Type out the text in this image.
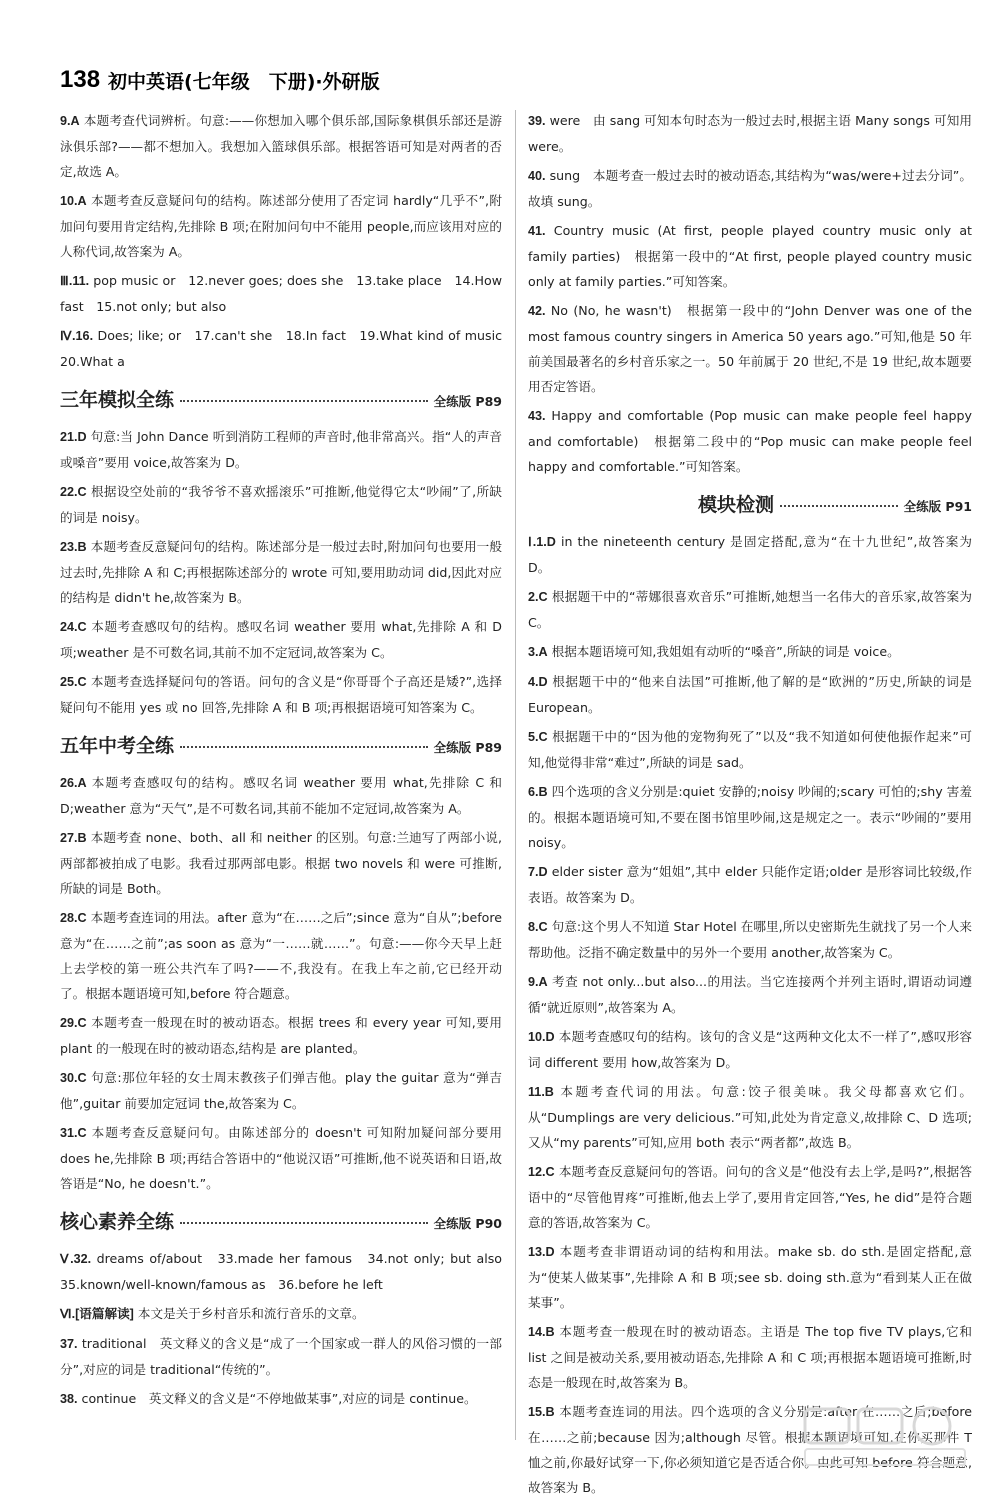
138 初中英语(七年级　下册)·外研版
9.A 本题考查代词辨析。句意:——你想加入哪个俱乐部,国际象棋俱乐部还是游泳俱乐部?——都不想加入。我想加入篮球俱乐部。根据答语可知是对两者的否定,故选 A。
10.A 本题考查反意疑问句的结构。陈述部分使用了否定词 hardly“几乎不”,附加问句要用肯定结构,先排除 B 项;在附加问句中不能用 people,而应该用对应的人称代词,故答案为 A。
Ⅲ.11. pop music or　12.never goes; does she　13.take place　14.How fast　15.not only; but also
Ⅳ.16. Does; like; or　17.can't she　18.In fact　19.What kind of music　20.What a
三年模拟全练	全练版 P89
21.D 句意:当 John Dance 听到消防工程师的声音时,他非常高兴。指“人的声音或嗓音”要用 voice,故答案为 D。
22.C 根据设空处前的“我爷爷不喜欢摇滚乐”可推断,他觉得它太“吵闹”了,所缺的词是 noisy。
23.B 本题考查反意疑问句的结构。陈述部分是一般过去时,附加问句也要用一般过去时,先排除 A 和 C;再根据陈述部分的 wrote 可知,要用助动词 did,因此对应的结构是 didn't he,故答案为 B。
24.C 本题考查感叹句的结构。感叹名词 weather 要用 what,先排除 A 和 D 项;weather 是不可数名词,其前不加不定冠词,故答案为 C。
25.C 本题考查选择疑问句的答语。问句的含义是“你哥哥个子高还是矮?”,选择疑问句不能用 yes 或 no 回答,先排除 A 和 B 项;再根据语境可知答案为 C。
五年中考全练	全练版 P89
26.A 本题考查感叹句的结构。感叹名词 weather 要用 what,先排除 C 和 D;weather 意为“天气”,是不可数名词,其前不能加不定冠词,故答案为 A。
27.B 本题考查 none、both、all 和 neither 的区别。句意:兰迪写了两部小说,两部都被拍成了电影。我看过那两部电影。根据 two novels 和 were 可推断,所缺的词是 Both。
28.C 本题考查连词的用法。after 意为“在……之后”;since 意为“自从”;before 意为“在……之前”;as soon as 意为“一……就……”。句意:——你今天早上赶上去学校的第一班公共汽车了吗?——不,我没有。在我上车之前,它已经开动了。根据本题语境可知,before 符合题意。
29.C 本题考查一般现在时的被动语态。根据 trees 和 every year 可知,要用 plant 的一般现在时的被动语态,结构是 are planted。
30.C 句意:那位年轻的女士周末教孩子们弹吉他。play the guitar 意为“弹吉他”,guitar 前要加定冠词 the,故答案为 C。
31.C 本题考查反意疑问句。由陈述部分的 doesn't 可知附加疑问部分要用 does he,先排除 B 项;再结合答语中的“他说汉语”可推断,他不说英语和日语,故答语是“No, he doesn't.”。
核心素养全练	全练版 P90
Ⅴ.32. dreams of/about　33.made her famous　34.not only; but also　35.known/well-known/famous as　36.before he left
Ⅵ.[语篇解读] 本文是关于乡村音乐和流行音乐的文章。
37. traditional　英文释义的含义是“成了一个国家或一群人的风俗习惯的一部分”,对应的词是 traditional“传统的”。
38. continue　英文释义的含义是“不停地做某事”,对应的词是 continue。
39. were　由 sang 可知本句时态为一般过去时,根据主语 Many songs 可知用 were。
40. sung　本题考查一般过去时的被动语态,其结构为“was/were+过去分词”。故填 sung。
41. Country music (At first, people played country music only at family parties)　根据第一段中的“At first, people played country music only at family parties.”可知答案。
42. No (No, he wasn't)　根据第一段中的“John Denver was one of the most famous country singers in America 50 years ago.”可知,他是 50 年前美国最著名的乡村音乐家之一。50 年前属于 20 世纪,不是 19 世纪,故本题要用否定答语。
43. Happy and comfortable (Pop music can make people feel happy and comfortable)　根据第二段中的“Pop music can make people feel happy and comfortable.”可知答案。
模块检测	全练版 P91
Ⅰ.1.D in the nineteenth century 是固定搭配,意为“在十九世纪”,故答案为 D。
2.C 根据题干中的“蒂娜很喜欢音乐”可推断,她想当一名伟大的音乐家,故答案为 C。
3.A 根据本题语境可知,我姐姐有动听的“嗓音”,所缺的词是 voice。
4.D 根据题干中的“他来自法国”可推断,他了解的是“欧洲的”历史,所缺的词是 European。
5.C 根据题干中的“因为他的宠物狗死了”以及“我不知道如何使他振作起来”可知,他觉得非常“难过”,所缺的词是 sad。
6.B 四个选项的含义分别是:quiet 安静的;noisy 吵闹的;scary 可怕的;shy 害羞的。根据本题语境可知,不要在图书馆里吵闹,这是规定之一。表示“吵闹的”要用 noisy。
7.D elder sister 意为“姐姐”,其中 elder 只能作定语;older 是形容词比较级,作表语。故答案为 D。
8.C 句意:这个男人不知道 Star Hotel 在哪里,所以史密斯先生就找了另一个人来帮助他。泛指不确定数量中的另外一个要用 another,故答案为 C。
9.A 考查 not only...but also...的用法。当它连接两个并列主语时,谓语动词遵循“就近原则”,故答案为 A。
10.D 本题考查感叹句的结构。该句的含义是“这两种文化太不一样了”,感叹形容词 different 要用 how,故答案为 D。
11.B 本题考查代词的用法。句意:饺子很美味。我父母都喜欢它们。从“Dumplings are very delicious.”可知,此处为肯定意义,故排除 C、D 选项;又从“my parents”可知,应用 both 表示“两者都”,故选 B。
12.C 本题考查反意疑问句的答语。问句的含义是“他没有去上学,是吗?”,根据答语中的“尽管他胃疼”可推断,他去上学了,要用肯定回答,“Yes, he did”是符合题意的答语,故答案为 C。
13.D 本题考查非谓语动词的结构和用法。make sb. do sth.是固定搭配,意为“使某人做某事”,先排除 A 和 B 项;see sb. doing sth.意为“看到某人正在做某事”。
14.B 本题考查一般现在时的被动语态。主语是 The top five TV plays,它和 list 之间是被动关系,要用被动语态,先排除 A 和 C 项;再根据本题语境可推断,时态是一般现在时,故答案为 B。
15.B 本题考查连词的用法。四个选项的含义分别是:after 在……之后;before 在……之前;because 因为;although 尽管。根据本题语境可知,在你买那件 T 恤之前,你最好试穿一下,你必须知道它是否适合你。由此可知 before 符合题意,故答案为 B。
